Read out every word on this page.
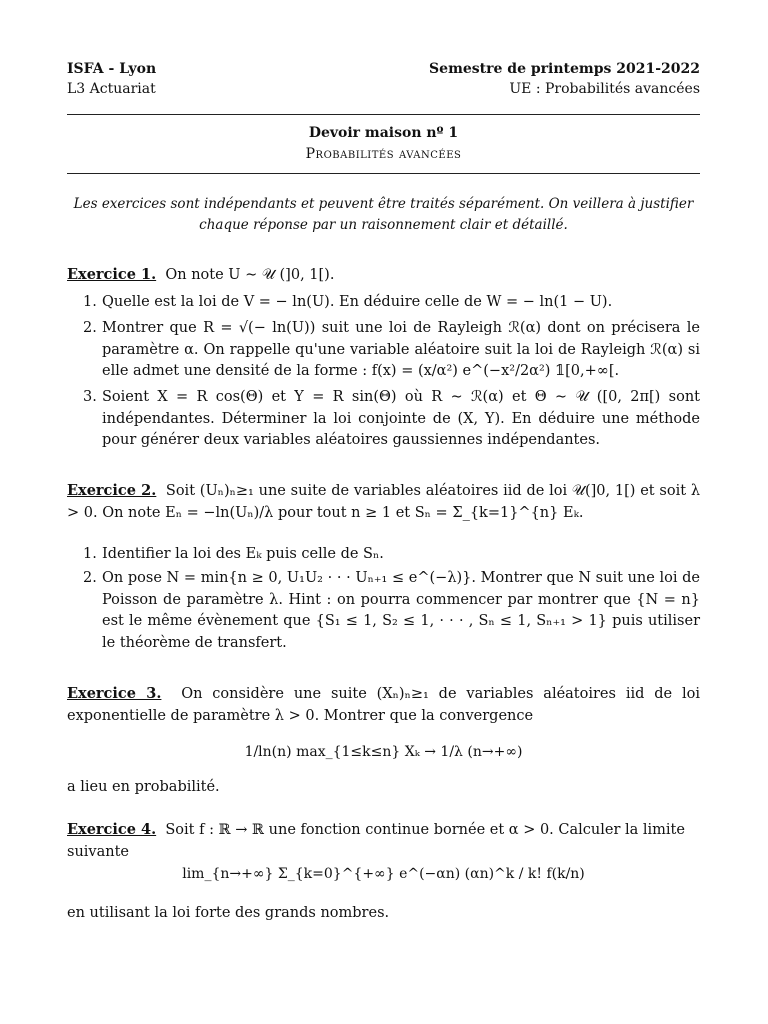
ISFA - Lyon	Semestre de printemps 2021-2022
L3 Actuariat	UE : Probabilités avancées
Devoir maison nº 1
Probabilités avancées
Les exercices sont indépendants et peuvent être traités séparément. On veillera à justifier chaque réponse par un raisonnement clair et détaillé.
Exercice 1. On note U ∼ 𝒰 (]0, 1[).
1. Quelle est la loi de V = − ln(U). En déduire celle de W = − ln(1 − U).
2. Montrer que R = √(− ln(U)) suit une loi de Rayleigh ℛ(α) dont on précisera le paramètre α. On rappelle qu'une variable aléatoire suit la loi de Rayleigh ℛ(α) si elle admet une densité de la forme : f(x) = (x/α²) e^(−x²/2α²) 𝟙[0,+∞[.
3. Soient X = R cos(Θ) et Y = R sin(Θ) où R ∼ ℛ(α) et Θ ∼ 𝒰 ([0, 2π[) sont indépendantes. Déterminer la loi conjointe de (X, Y). En déduire une méthode pour générer deux variables aléatoires gaussiennes indépendantes.
Exercice 2. Soit (Uₙ)ₙ≥₁ une suite de variables aléatoires iid de loi 𝒰(]0, 1[) et soit λ > 0. On note Eₙ = −ln(Uₙ)/λ pour tout n ≥ 1 et Sₙ = Σ_{k=1}^{n} Eₖ.
1. Identifier la loi des Eₖ puis celle de Sₙ.
2. On pose N = min{n ≥ 0, U₁U₂ · · · Uₙ₊₁ ≤ e^(−λ)}. Montrer que N suit une loi de Poisson de paramètre λ. Hint : on pourra commencer par montrer que {N = n} est le même évènement que {S₁ ≤ 1, S₂ ≤ 1, · · · , Sₙ ≤ 1, Sₙ₊₁ > 1} puis utiliser le théorème de transfert.
Exercice 3. On considère une suite (Xₙ)ₙ≥₁ de variables aléatoires iid de loi exponentielle de paramètre λ > 0. Montrer que la convergence
1/ln(n) max_{1≤k≤n} Xₖ → 1/λ (n→+∞)
a lieu en probabilité.
Exercice 4. Soit f : ℝ → ℝ une fonction continue bornée et α > 0. Calculer la limite suivante
lim_{n→+∞} Σ_{k=0}^{+∞} e^(−αn) (αn)^k / k! f(k/n)
en utilisant la loi forte des grands nombres.
